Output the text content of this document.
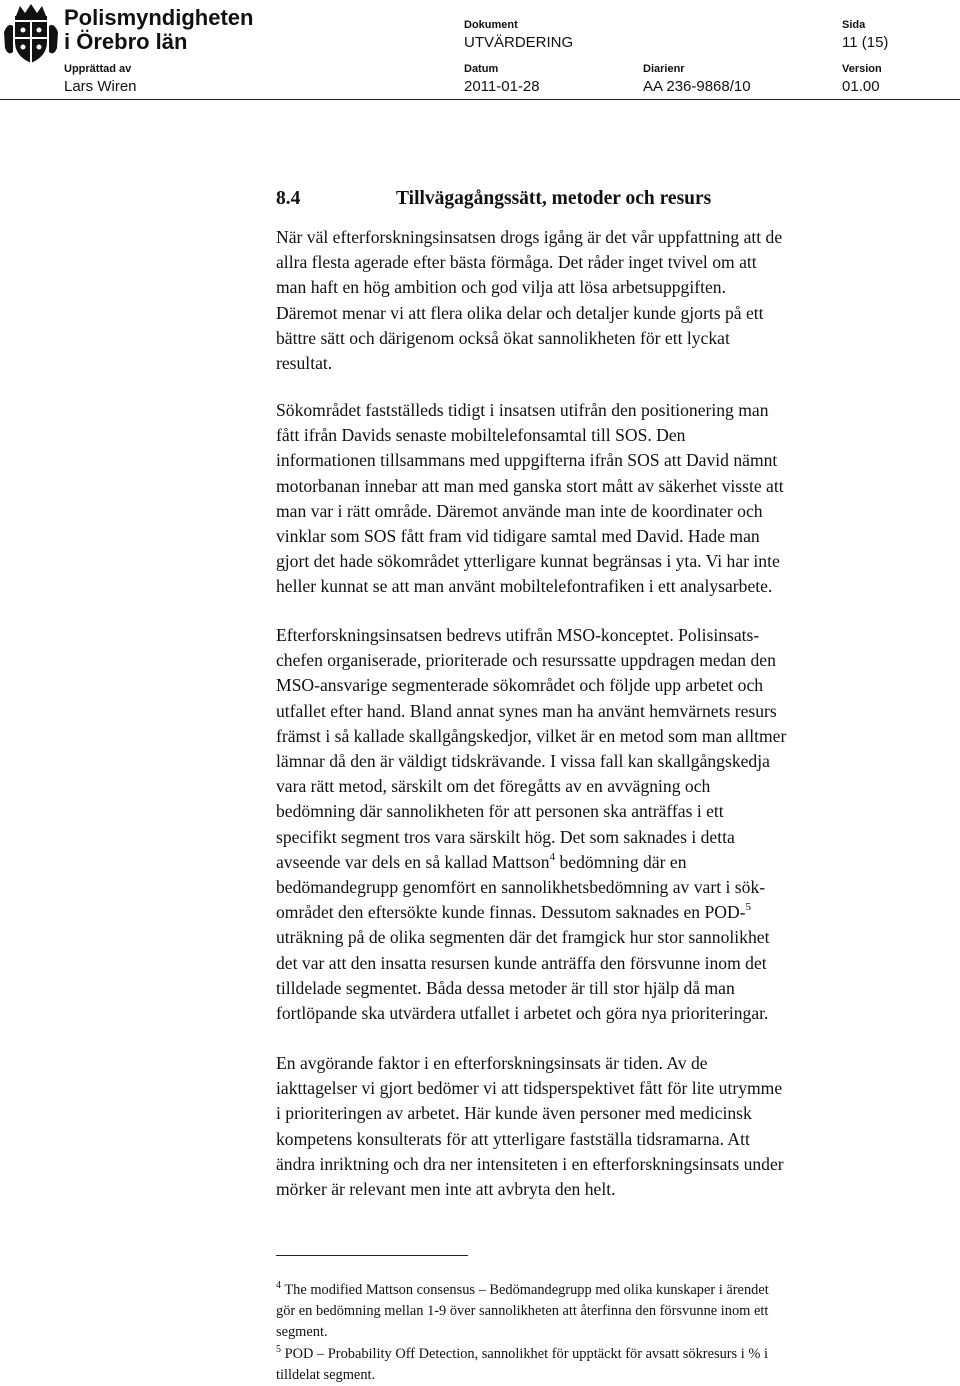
Polismyndigheten
i Örebro län
Dokument
UTVÄRDERING
Sida
11 (15)
Upprättad av
Lars Wiren
Datum
2011-01-28
Diarienr
AA 236-9868/10
Version
01.00
8.4	Tillvägagångssätt, metoder och resurs
När väl efterforskningsinsatsen drogs igång är det vår uppfattning att de
allra flesta agerade efter bästa förmåga. Det råder inget tvivel om att
man haft en hög ambition och god vilja att lösa arbetsuppgiften.
Däremot menar vi att flera olika delar och detaljer kunde gjorts på ett
bättre sätt och därigenom också ökat sannolikheten för ett lyckat
resultat.
Sökområdet fastställeds tidigt i insatsen utifrån den positionering man
fått ifrån Davids senaste mobiltelefonsamtal till SOS. Den
informationen tillsammans med uppgifterna ifrån SOS att David nämnt
motorbanan innebar att man med ganska stort mått av säkerhet visste att
man var i rätt område. Däremot använde man inte de koordinater och
vinklar som SOS fått fram vid tidigare samtal med David. Hade man
gjort det hade sökområdet ytterligare kunnat begränsas i yta. Vi har inte
heller kunnat se att man använt mobiltelefontrafiken i ett analysarbete.
Efterforskningsinsatsen bedrevs utifrån MSO-konceptet. Polisinsats-
chefen organiserade, prioriterade och resurssatte uppdragen medan den
MSO-ansvarige segmenterade sökområdet och följde upp arbetet och
utfallet efter hand. Bland annat synes man ha använt hemvärnets resurs
främst i så kallade skallgångskedjor, vilket är en metod som man alltmer
lämnar då den är väldigt tidskrävande. I vissa fall kan skallgångskedja
vara rätt metod, särskilt om det föregåtts av en avvägning och
bedömning där sannolikheten för att personen ska anträffas i ett
specifikt segment tros vara särskilt hög. Det som saknades i detta
avseende var dels en så kallad Mattson$^4$ bedömning där en
bedömandegrupp genomfört en sannolikhetsbedömning av vart i sök-
området den eftersökte kunde finnas. Dessutom saknades en POD-$^5$
uträkning på de olika segmenten där det framgick hur stor sannolikhet
det var att den insatta resursen kunde anträffa den försvunne inom det
tilldelade segmentet. Båda dessa metoder är till stor hjälp då man
fortlöpande ska utvärdera utfallet i arbetet och göra nya prioriteringar.
En avgörande faktor i en efterforskningsinsats är tiden. Av de
iakttagelser vi gjort bedömer vi att tidsperspektivet fått för lite utrymme
i prioriteringen av arbetet. Här kunde även personer med medicinsk
kompetens konsulterats för att ytterligare fastställa tidsramarna. Att
ändra inriktning och dra ner intensiteten i en efterforskningsinsats under
mörker är relevant men inte att avbryta den helt.
$^4$ The modified Mattson consensus – Bedömandegrupp med olika kunskaper i ärendet
gör en bedömning mellan 1-9 över sannolikheten att återfinna den försvunne inom ett
segment.
$^5$ POD – Probability Off Detection, sannolikhet för upptäckt för avsatt sökresurs i % i
tilldelat segment.
